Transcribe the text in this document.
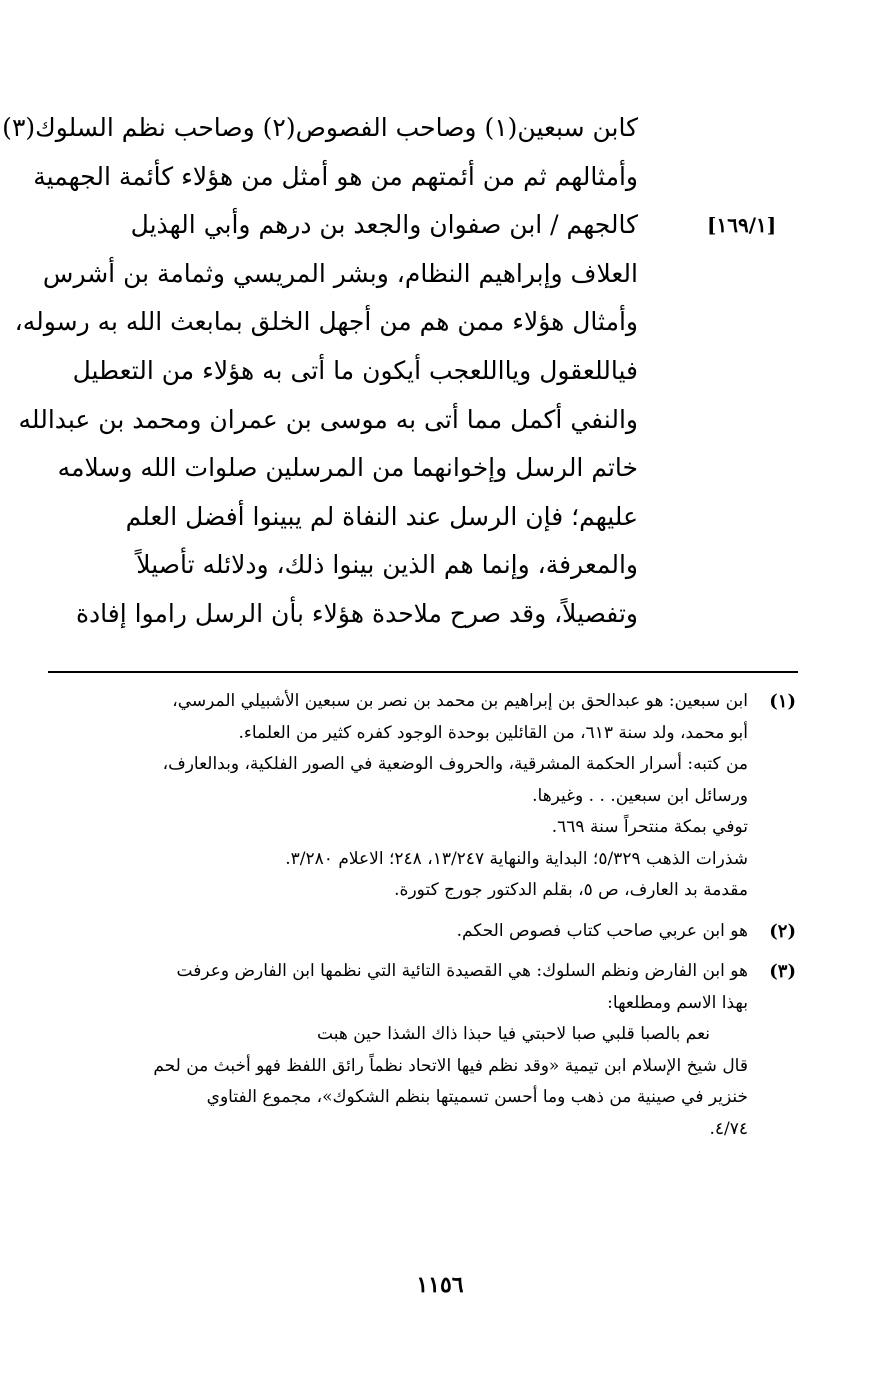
كابن سبعين(١) وصاحب الفصوص(٢) وصاحب نظم السلوك(٣)
وأمثالهم ثم من أئمتهم من هو أمثل من هؤلاء كأئمة الجهمية
كالجهم / ابن صفوان والجعد بن درهم وأبي الهذيل
العلاف وإبراهيم النظام، وبشر المريسي وثمامة بن أشرس
وأمثال هؤلاء ممن هم من أجهل الخلق بمابعث الله به رسوله،
فياللعقول ويااللعجب أيكون ما أتى به هؤلاء من التعطيل
والنفي أكمل مما أتى به موسى بن عمران ومحمد بن عبدالله
خاتم الرسل وإخوانهما من المرسلين صلوات الله وسلامه
عليهم؛ فإن الرسل عند النفاة لم يبينوا أفضل العلم
والمعرفة، وإنما هم الذين بينوا ذلك، ودلائله تأصيلاً
وتفصيلاً، وقد صرح ملاحدة هؤلاء بأن الرسل راموا إفادة
[١٦٩/١]
(١)
ابن سبعين: هو عبدالحق بن إبراهيم بن محمد بن نصر بن سبعين الأشبيلي المرسي،
أبو محمد، ولد سنة ٦١٣، من القائلين بوحدة الوجود كفره كثير من العلماء.
من كتبه: أسرار الحكمة المشرقية، والحروف الوضعية في الصور الفلكية، وبدالعارف،
ورسائل ابن سبعين. . . وغيرها.
توفي بمكة منتحراً سنة ٦٦٩.
شذرات الذهب ٥/٣٢٩؛ البداية والنهاية ١٣/٢٤٧، ٢٤٨؛ الاعلام ٣/٢٨٠.
مقدمة بد العارف، ص ٥، بقلم الدكتور جورج كتورة.
(٢)
هو ابن عربي صاحب كتاب فصوص الحكم.
(٣)
هو ابن الفارض ونظم السلوك: هي القصيدة التائية التي نظمها ابن الفارض وعرفت
بهذا الاسم ومطلعها:
نعم بالصبا قلبي صبا لاحبتي فيا حبذا ذاك الشذا حين هبت
قال شيخ الإسلام ابن تيمية «وقد نظم فيها الاتحاد نظماً رائق اللفظ فهو أخبث من لحم
خنزير في صينية من ذهب وما أحسن تسميتها بنظم الشكوك»، مجموع الفتاوي
٤/٧٤.
١١٥٦
